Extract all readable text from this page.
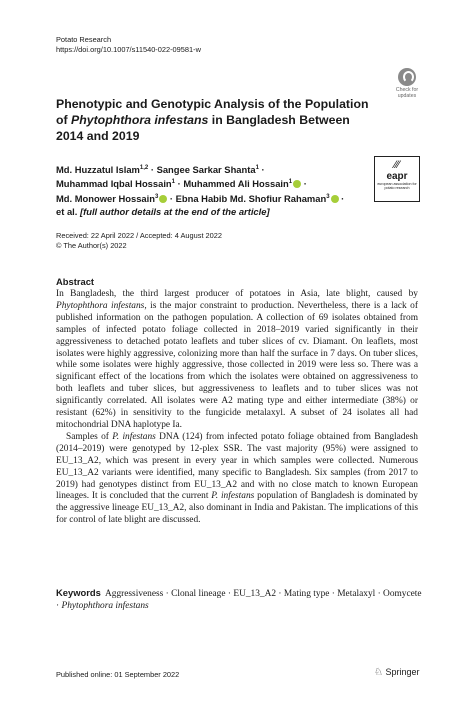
Potato Research
https://doi.org/10.1007/s11540-022-09581-w
Check for
updates
Phenotypic and Genotypic Analysis of the Population of Phytophthora infestans in Bangladesh Between 2014 and 2019
Md. Huzzatul Islam$^{1,2}$ · Sangee Sarkar Shanta$^1$ ·
Muhammad Iqbal Hossain$^1$ · Muhammed Ali Hossain$^1$ ·
Md. Monower Hossain$^3$ · Ebna Habib Md. Shofiur Rahaman$^3$ ·
et al. [full author details at the end of the article]
⁄⁄⁄
eapr
european association for potato research
Received: 22 April 2022 / Accepted: 4 August 2022
© The Author(s) 2022
Abstract

In Bangladesh, the third largest producer of potatoes in Asia, late blight, caused by Phytophthora infestans, is the major constraint to production. Nevertheless, there is a lack of published information on the pathogen population. A collection of 69 isolates obtained from samples of infected potato foliage collected in 2018–2019 varied significantly in their aggressiveness to detached potato leaflets and tuber slices of cv. Diamant. On leaflets, most isolates were highly aggressive, colonizing more than half the surface in 7 days. On tuber slices, while some isolates were highly aggressive, those collected in 2019 were less so. There was a significant effect of the locations from which the isolates were obtained on aggressiveness to both leaflets and tuber slices, but aggressiveness to leaflets and to tuber slices was not significantly correlated. All isolates were A2 mating type and either intermediate (38%) or resistant (62%) in sensitivity to the fungicide metalaxyl. A subset of 24 isolates all had mitochondrial DNA haplotype Ia.

Samples of P. infestans DNA (124) from infected potato foliage obtained from Bangladesh (2014–2019) were genotyped by 12-plex SSR. The vast majority (95%) were assigned to EU_13_A2, which was present in every year in which samples were collected. Numerous EU_13_A2 variants were identified, many specific to Bangladesh. Six samples (from 2017 to 2019) had genotypes distinct from EU_13_A2 and with no close match to known European lineages. It is concluded that the current P. infestans population of Bangladesh is dominated by the aggressive lineage EU_13_A2, also dominant in India and Pakistan. The implications of this for control of late blight are discussed.

Keywords Aggressiveness · Clonal lineage · EU_13_A2 · Mating type · Metalaxyl · Oomycete · Phytophthora infestans
Published online: 01 September 2022	♘ Springer
